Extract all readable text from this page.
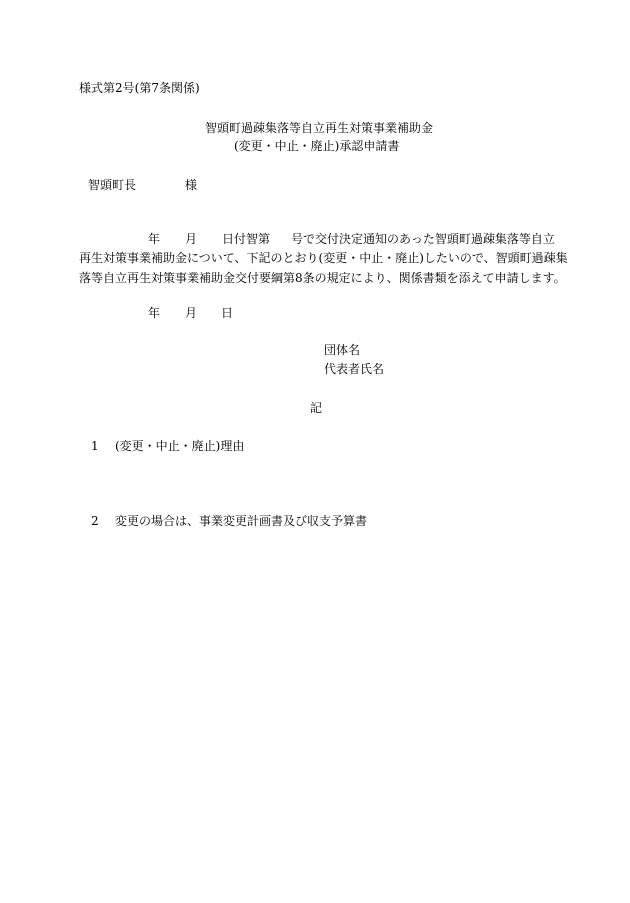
様式第2号(第7条関係)
智頭町過疎集落等自立再生対策事業補助金
(変更・中止・廃止)承認申請書
智頭町長	様
年 月 日付智第 号で交付決定通知のあった智頭町過疎集落等自立
再生対策事業補助金について、下記のとおり(変更・中止・廃止)したいので、智頭町過疎集
落等自立再生対策事業補助金交付要綱第8条の規定により、関係書類を添えて申請します。
年 月 日
団体名
代表者氏名
記
1 (変更・中止・廃止)理由
2 変更の場合は、事業変更計画書及び収支予算書
